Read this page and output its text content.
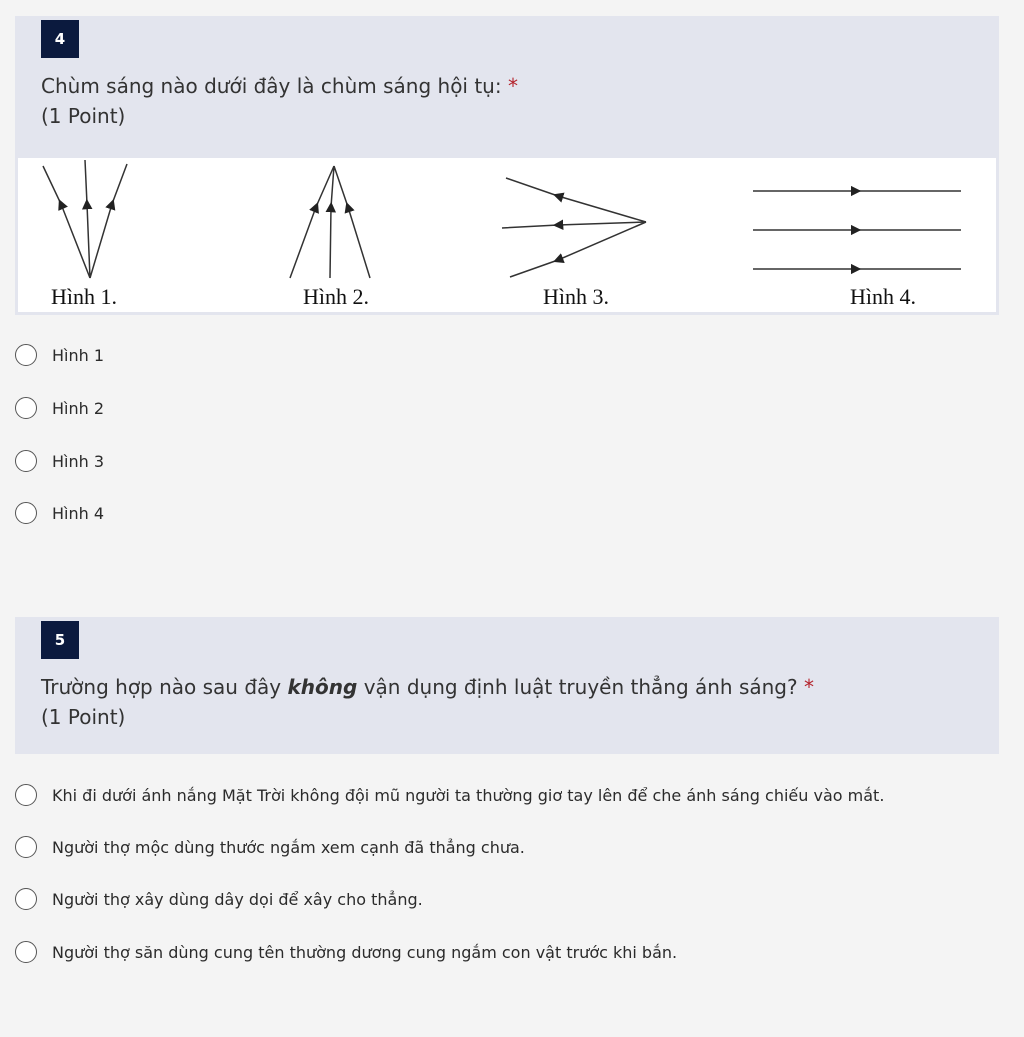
4
Chùm sáng nào dưới đây là chùm sáng hội tụ: *
(1 Point)
Hình 1.	Hình 2.	Hình 3.	Hình 4.
Hình 1
Hình 2
Hình 3
Hình 4
5
Trường hợp nào sau đây không vận dụng định luật truyền thẳng ánh sáng? *
(1 Point)
Khi đi dưới ánh nắng Mặt Trời không đội mũ người ta thường giơ tay lên để che ánh sáng chiếu vào mắt.
Người thợ mộc dùng thước ngắm xem cạnh đã thẳng chưa.
Người thợ xây dùng dây dọi để xây cho thẳng.
Người thợ săn dùng cung tên thường dương cung ngắm con vật trước khi bắn.
